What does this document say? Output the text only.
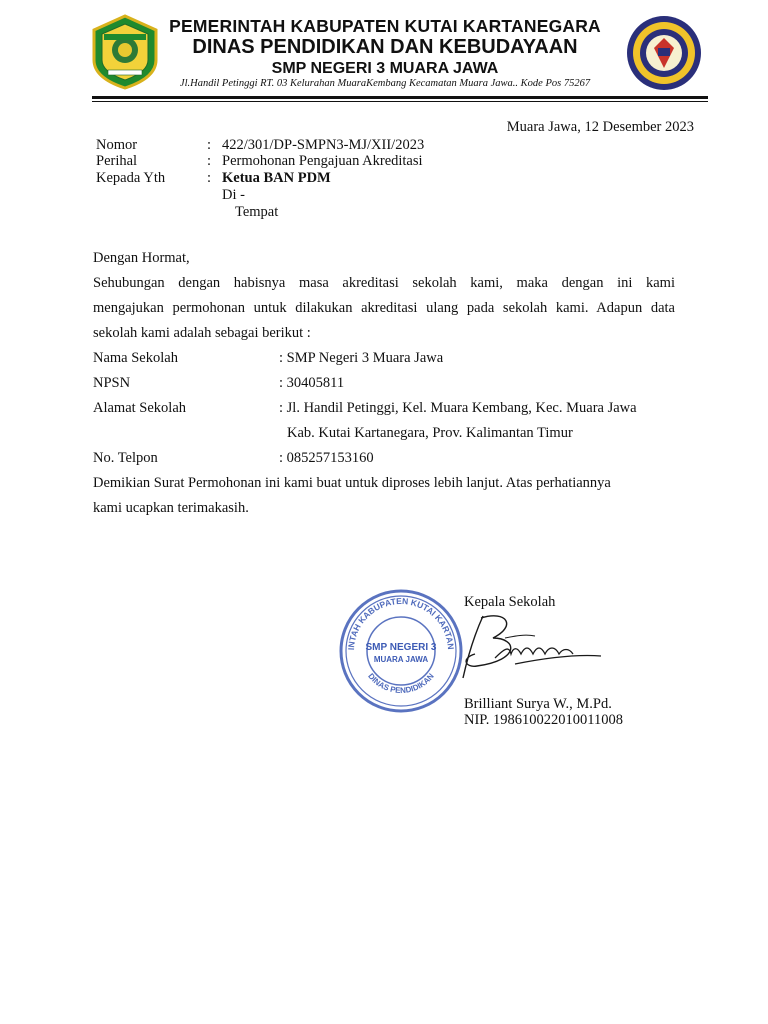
PEMERINTAH KABUPATEN KUTAI KARTANEGARA
DINAS PENDIDIKAN DAN KEBUDAYAAN
SMP NEGERI 3 MUARA JAWA
Jl.Handil Petinggi RT. 03 Kelurahan MuaraKembang Kecamatan Muara Jawa.. Kode Pos 75267
Muara Jawa, 12 Desember 2023
Nomor	: 422/301/DP-SMPN3-MJ/XII/2023
Perihal	: Permohonan Pengajuan Akreditasi
Kepada Yth	: Ketua BAN PDM
Di -
Tempat
Dengan Hormat,
Sehubungan dengan habisnya masa akreditasi sekolah kami, maka dengan ini kami
mengajukan permohonan untuk dilakukan akreditasi ulang pada sekolah kami. Adapun data
sekolah kami adalah sebagai berikut :
Nama Sekolah	: SMP Negeri 3 Muara Jawa
NPSN	: 30405811
Alamat Sekolah	: Jl. Handil Petinggi, Kel. Muara Kembang, Kec. Muara Jawa
Kab. Kutai Kartanegara, Prov. Kalimantan Timur
No. Telpon	: 085257153160
Demikian Surat Permohonan ini kami buat untuk diproses lebih lanjut. Atas perhatiannya
kami ucapkan terimakasih.
INTAH KABUPATEN KUTAI KARTAN
DINAS PENDIDIKAN
SMP NEGERI 3
MUARA JAWA
Kepala Sekolah
Brilliant Surya W., M.Pd.
NIP. 198610022010011008
